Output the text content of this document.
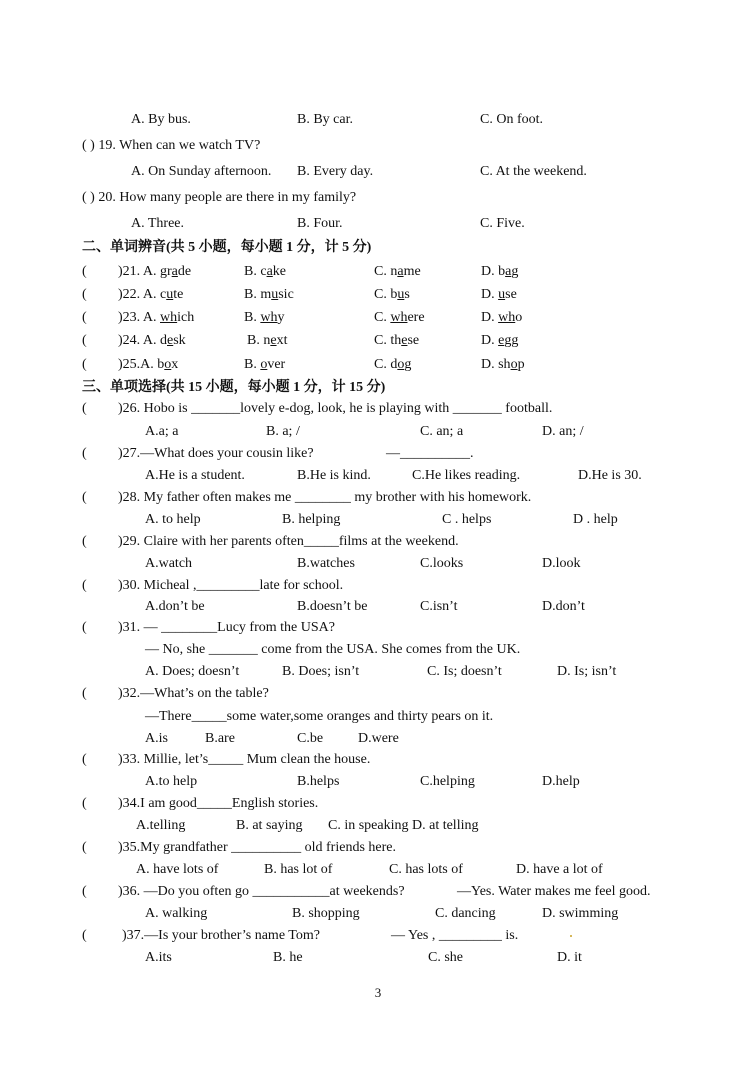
A. By bus.	B. By car.	C. On foot.
( ) 19. When can we watch TV?
A. On Sunday afternoon. B. Every day.	C. At the weekend.
( ) 20. How many people are there in my family?
A. Three.	B. Four.	C. Five.
二、单词辨音(共 5 小题，每小题 1 分，计 5 分)
( )21. A. grade	B. cake	C. name	D. bag
( )22. A. cute	B. music	C. bus	D. use
( )23. A. which	B. why	C. where	D. who
( )24. A. desk	B. next	C. these	D. egg
( )25.A. box	B. over	C. dog	D. shop
三、单项选择(共 15 小题，每小题 1 分，计 15 分)
( )26. Hobo is _______lovely e-dog, look, he is playing with _______ football.
A.a; a	B. a; /	C. an; a	D. an; /
( )27.—What does your cousin like?	—__________.
A.He is a student.	B.He is kind.	C.He likes reading.	D.He is 30.
( )28. My father often makes me ________ my brother with his homework.
A. to help	B. helping	C . helps	D . help
( )29. Claire with her parents often_____films at the weekend.
A.watch	B.watches	C.looks	D.look
( )30. Micheal ,_________late for school.
A.don’t be	B.doesn’t be	C.isn’t	D.don’t
( )31. — ________Lucy from the USA?
— No, she _______ come from the USA. She comes from the UK.
A. Does; doesn’t	B. Does; isn’t	C. Is; doesn’t	D. Is; isn’t
( )32.—What’s on the table?
—There_____some water,some oranges and thirty pears on it.
A.is	B.are	C.be D.were
( )33. Millie, let’s_____ Mum clean the house.
A.to help	B.helps	C.helping	D.help
( )34.I am good_____English stories.
A.telling	B. at saying C. in speaking D. at telling
( )35.My grandfather __________ old friends here.
A. have lots of	B. has lot of	C. has lots of	D. have a lot of
( )36. —Do you often go ___________at weekends?	—Yes. Water makes me feel good.
A. walking	B. shopping	C. dancing	D. swimming
(	)37.—Is your brother’s name Tom?	— Yes , _________ is.
A.its	B. he	C. she	D. it
3
